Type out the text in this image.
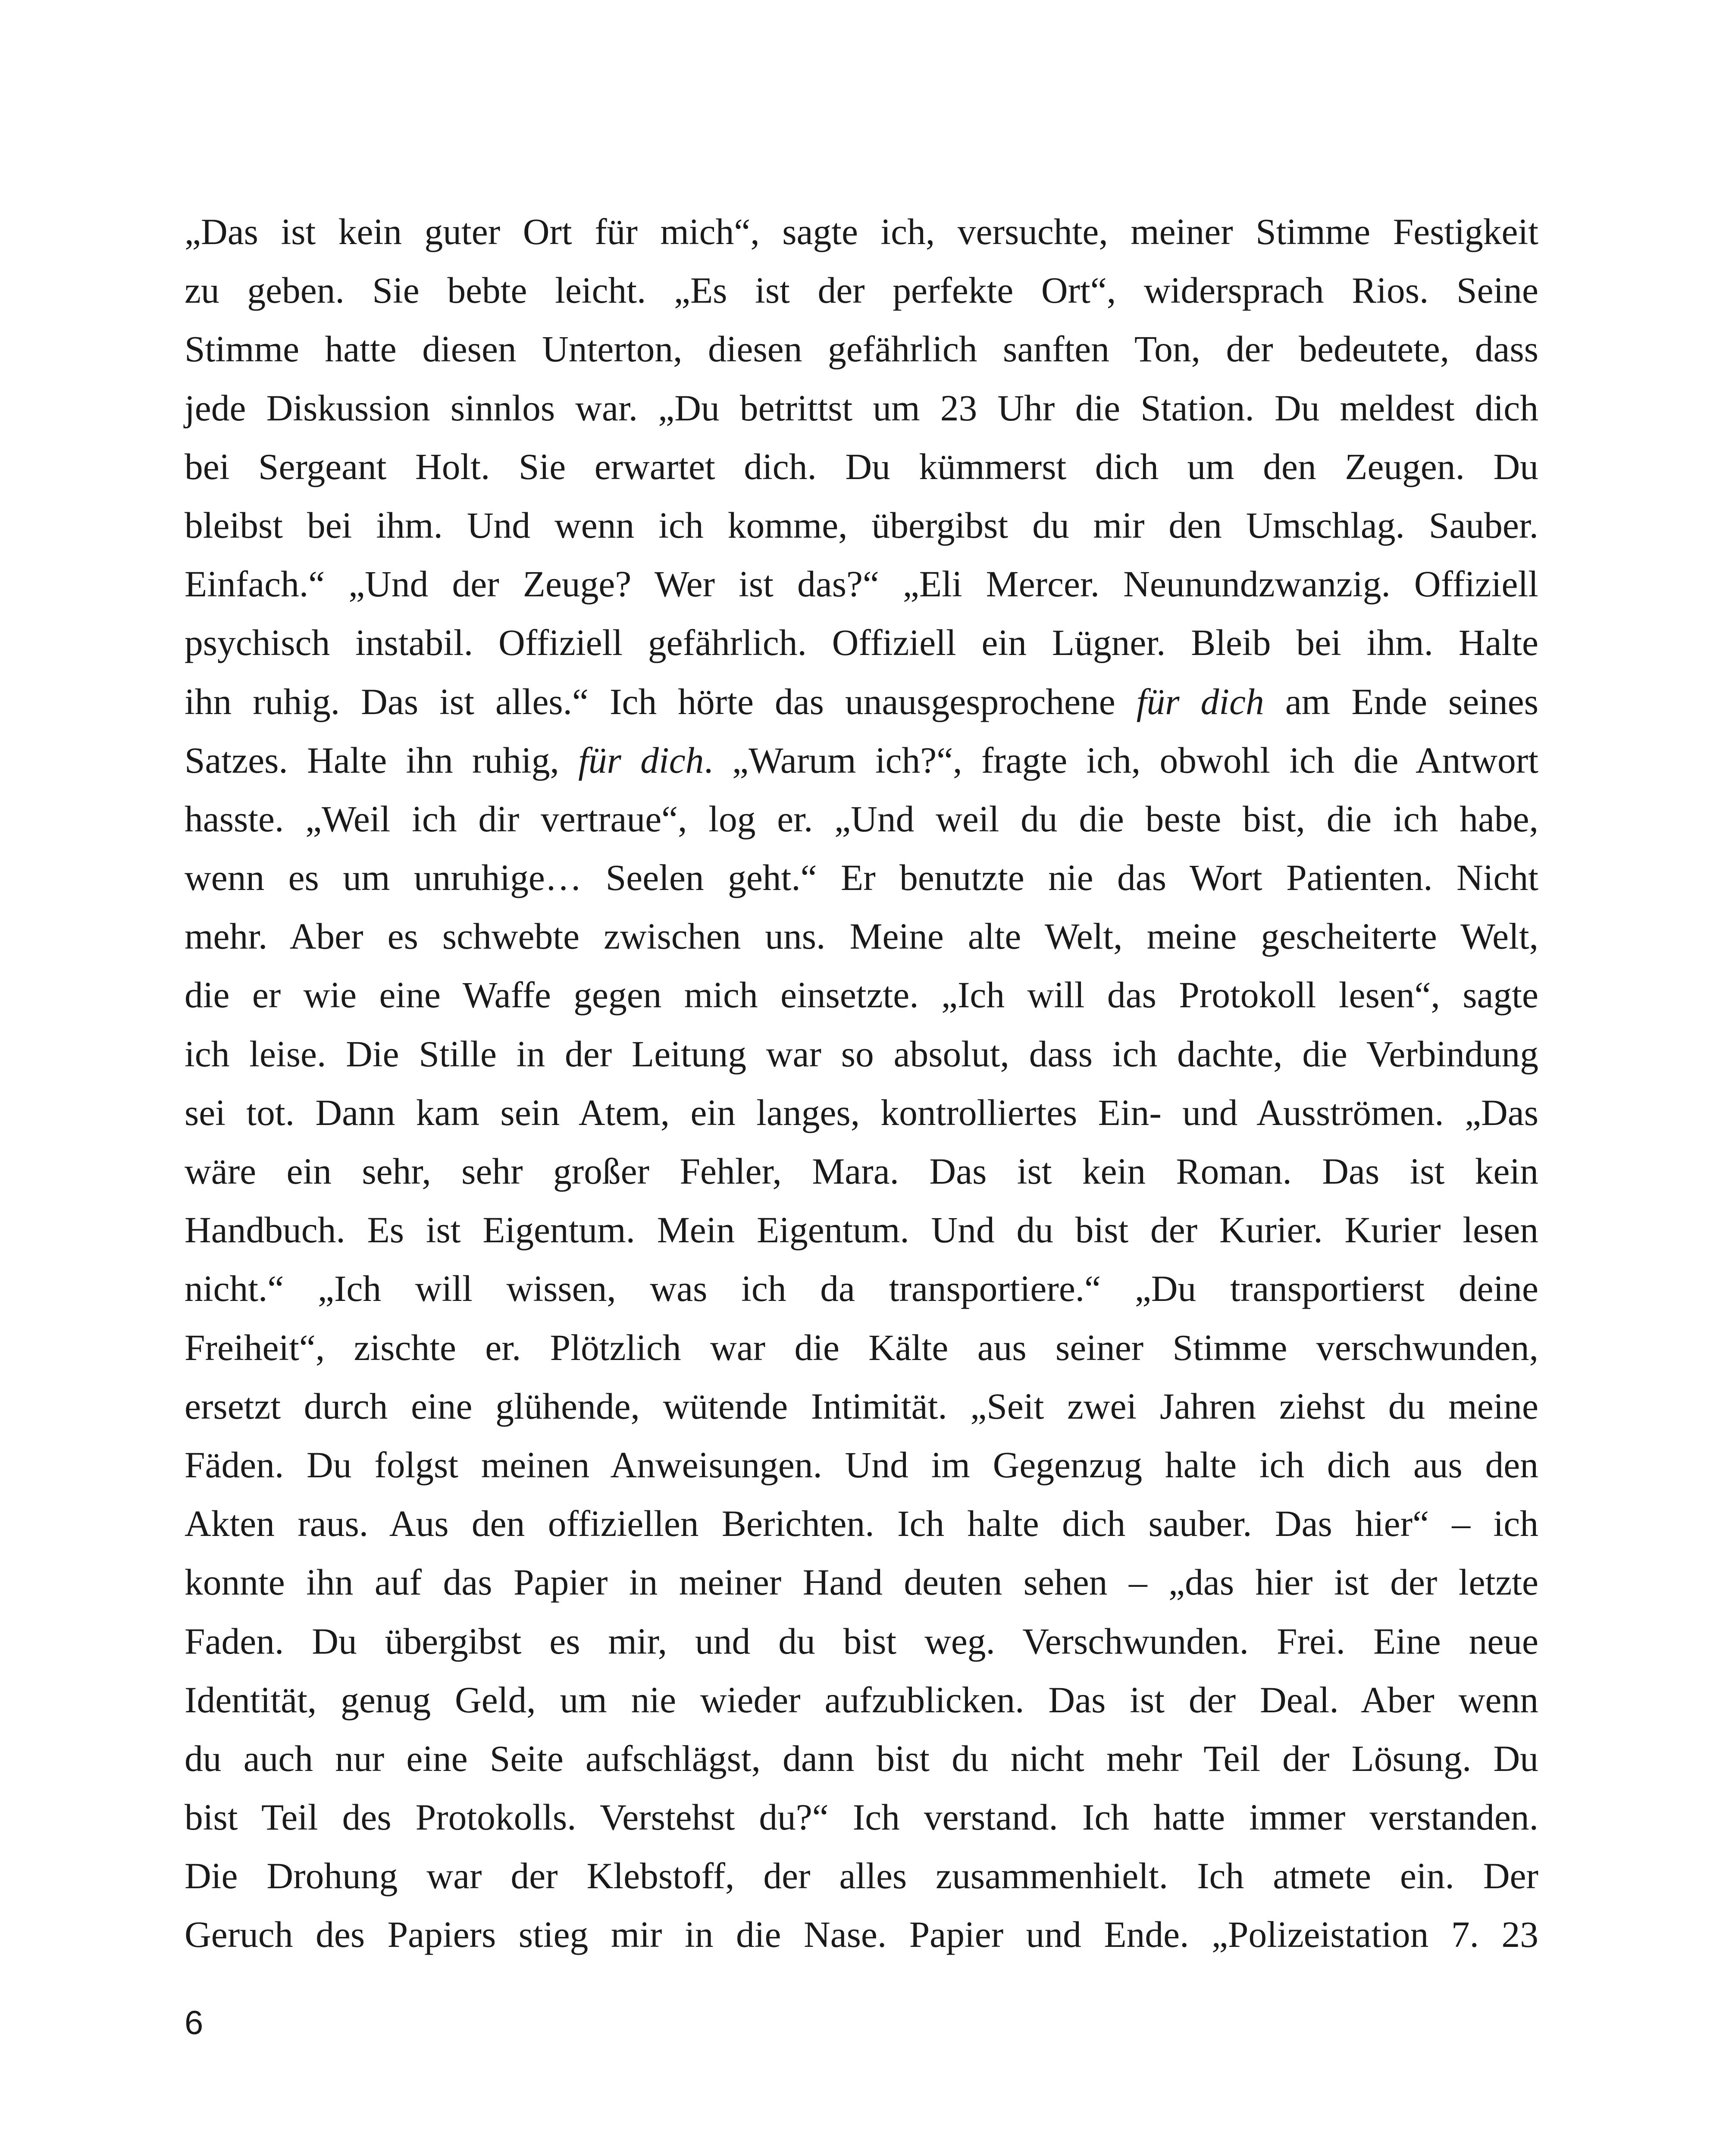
„Das ist kein guter Ort für mich“, sagte ich, versuchte, meiner Stimme Festigkeit
zu geben. Sie bebte leicht. „Es ist der perfekte Ort“, widersprach Rios. Seine
Stimme hatte diesen Unterton, diesen gefährlich sanften Ton, der bedeutete, dass
jede Diskussion sinnlos war. „Du betrittst um 23 Uhr die Station. Du meldest dich
bei Sergeant Holt. Sie erwartet dich. Du kümmerst dich um den Zeugen. Du
bleibst bei ihm. Und wenn ich komme, übergibst du mir den Umschlag. Sauber.
Einfach.“ „Und der Zeuge? Wer ist das?“ „Eli Mercer. Neunundzwanzig. Offiziell
psychisch instabil. Offiziell gefährlich. Offiziell ein Lügner. Bleib bei ihm. Halte
ihn ruhig. Das ist alles.“ Ich hörte das unausgesprochene für dich am Ende seines
Satzes. Halte ihn ruhig, für dich. „Warum ich?“, fragte ich, obwohl ich die Antwort
hasste. „Weil ich dir vertraue“, log er. „Und weil du die beste bist, die ich habe,
wenn es um unruhige… Seelen geht.“ Er benutzte nie das Wort Patienten. Nicht
mehr. Aber es schwebte zwischen uns. Meine alte Welt, meine gescheiterte Welt,
die er wie eine Waffe gegen mich einsetzte. „Ich will das Protokoll lesen“, sagte
ich leise. Die Stille in der Leitung war so absolut, dass ich dachte, die Verbindung
sei tot. Dann kam sein Atem, ein langes, kontrolliertes Ein- und Ausströmen. „Das
wäre ein sehr, sehr großer Fehler, Mara. Das ist kein Roman. Das ist kein
Handbuch. Es ist Eigentum. Mein Eigentum. Und du bist der Kurier. Kurier lesen
nicht.“ „Ich will wissen, was ich da transportiere.“ „Du transportierst deine
Freiheit“, zischte er. Plötzlich war die Kälte aus seiner Stimme verschwunden,
ersetzt durch eine glühende, wütende Intimität. „Seit zwei Jahren ziehst du meine
Fäden. Du folgst meinen Anweisungen. Und im Gegenzug halte ich dich aus den
Akten raus. Aus den offiziellen Berichten. Ich halte dich sauber. Das hier“ – ich
konnte ihn auf das Papier in meiner Hand deuten sehen – „das hier ist der letzte
Faden. Du übergibst es mir, und du bist weg. Verschwunden. Frei. Eine neue
Identität, genug Geld, um nie wieder aufzublicken. Das ist der Deal. Aber wenn
du auch nur eine Seite aufschlägst, dann bist du nicht mehr Teil der Lösung. Du
bist Teil des Protokolls. Verstehst du?“ Ich verstand. Ich hatte immer verstanden.
Die Drohung war der Klebstoff, der alles zusammenhielt. Ich atmete ein. Der
Geruch des Papiers stieg mir in die Nase. Papier und Ende. „Polizeistation 7. 23
6
